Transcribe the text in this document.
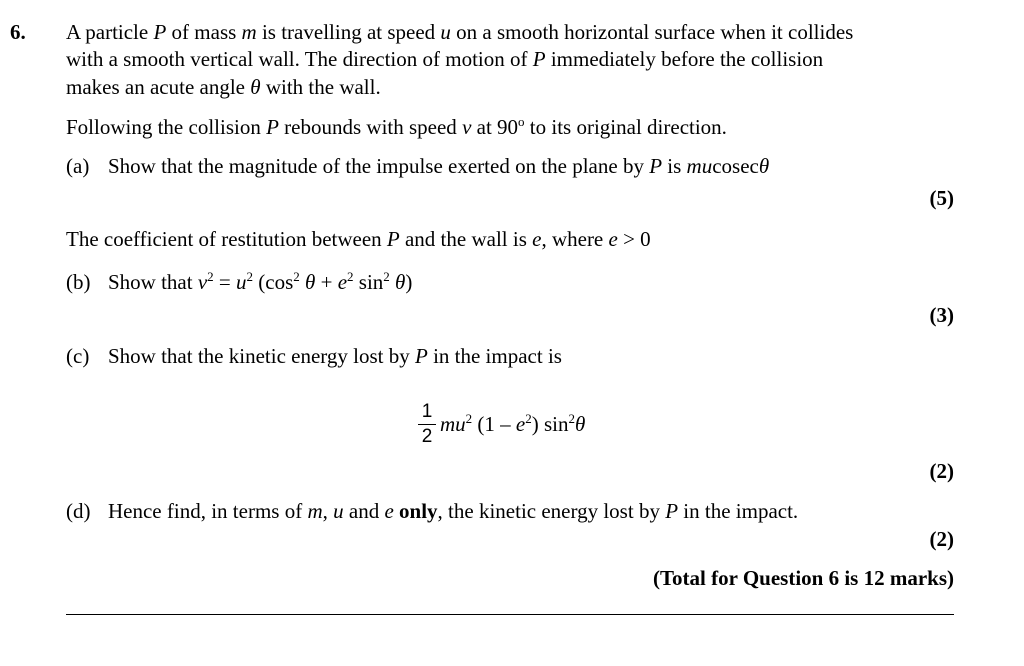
6. A particle P of mass m is travelling at speed u on a smooth horizontal surface when it collides
with a smooth vertical wall. The direction of motion of P immediately before the collision
makes an acute angle θ with the wall.
Following the collision P rebounds with speed v at 90$^o$ to its original direction.
(a) Show that the magnitude of the impulse exerted on the plane by P is mucosecθ
(5)
The coefficient of restitution between P and the wall is e, where e > 0
(b) Show that $v^2 = u^2$ ($\cos^2$ $\theta + e^2$ $\sin^2 \theta$)
(3)
(c) Show that the kinetic energy lost by P in the impact is
1
2
$mu^2$ $(1 - e^2)$ $\sin^2\theta$
(2)
(d) Hence find, in terms of m, u and e only, the kinetic energy lost by P in the impact.
(2)
(Total for Question 6 is 12 marks)
